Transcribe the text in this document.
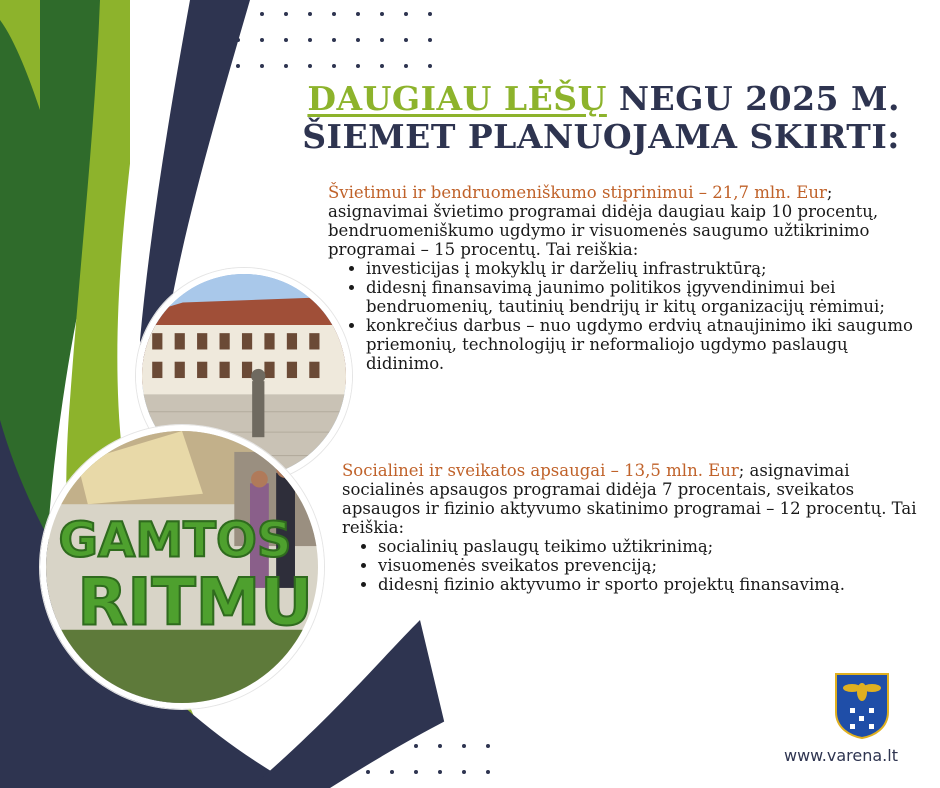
DAUGIAU LĖŠŲ NEGU 2025 M.
ŠIEMET PLANUOJAMA SKIRTI:
Švietimui ir bendruomeniškumo stiprinimui – 21,7 mln. Eur; asignavimai švietimo programai didėja daugiau kaip 10 procentų, bendruomeniškumo ugdymo ir visuomenės saugumo užtikrinimo programai – 15 procentų. Tai reiškia:
• investicijas į mokyklų ir darželių infrastruktūrą;
• didesnį finansavimą jaunimo politikos įgyvendinimui bei bendruomenių, tautinių bendrijų ir kitų organizacijų rėmimui;
• konkrečius darbus – nuo ugdymo erdvių atnaujinimo iki saugumo priemonių, technologijų ir neformaliojo ugdymo paslaugų didinimo.
Socialinei ir sveikatos apsaugai – 13,5 mln. Eur; asignavimai socialinės apsaugos programai didėja 7 procentais, sveikatos apsaugos ir fizinio aktyvumo skatinimo programai – 12 procentų. Tai reiškia:
• socialinių paslaugų teikimo užtikrinimą;
• visuomenės sveikatos prevenciją;
• didesnį fizinio aktyvumo ir sporto projektų finansavimą.
GAMTOS
RITMU
www.varena.lt
